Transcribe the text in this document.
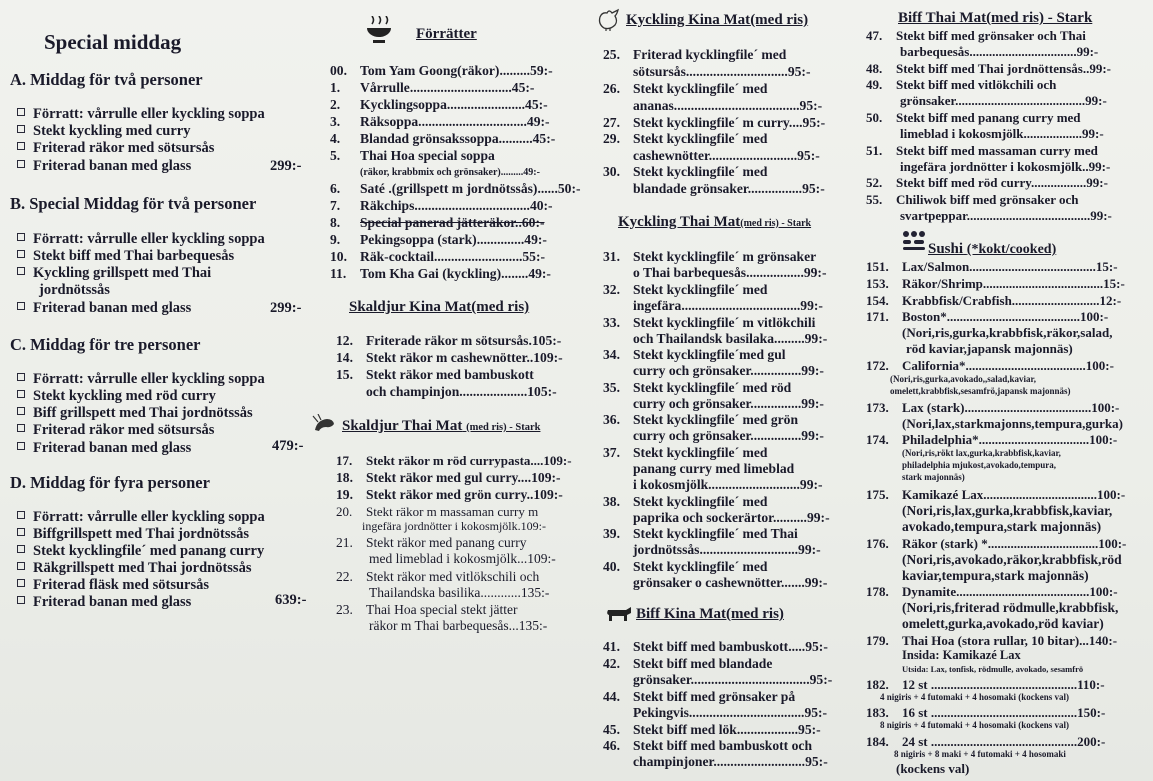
Special middag
A. Middag för två personer
Förratt: vårrulle eller kyckling soppa
Stekt kyckling med curry
Friterad räkor med sötsursås
Friterad banan med glass	299:-
B. Special Middag för två personer
Förratt: vårrulle eller kyckling soppa
Stekt biff med Thai barbequesås
Kyckling grillspett med Thai
jordnötssås
Friterad banan med glass	299:-
C. Middag för tre personer
Förratt: vårrulle eller kyckling soppa
Stekt kyckling med röd curry
Biff grillspett med Thai jordnötssås
Friterad räkor med sötsursås
Friterad banan med glass	479:-
D. Middag för fyra personer
Förratt: vårrulle eller kyckling soppa
Biffgrillspett med Thai jordnötssås
Stekt kycklingfile´ med panang curry
Räkgrillspett med Thai jordnötssås
Friterad fläsk med sötsursås
Friterad banan med glass	639:-
Förrätter
00. Tom Yam Goong(räkor).........59:-
1. Vårrulle..............................45:-
2. Kycklingsoppa.......................45:-
3. Räksoppa................................49:-
4. Blandad grönsakssoppa..........45:-
5. Thai Hoa special soppa
(räkor, krabbmix och grönsaker).........49:-
6. Saté .(grillspett m jordnötssås)......50:-
7. Räkchips..................................40:-
8. Special panerad jätteräkor..60:-
9. Pekingsoppa (stark)..............49:-
10. Räk-cocktail..........................55:-
11. Tom Kha Gai (kyckling)........49:-
Skaldjur Kina Mat(med ris)
12. Friterade räkor m sötsursås.105:-
14. Stekt räkor m cashewnötter..109:-
15. Stekt räkor med bambuskott
och champinjon....................105:-
Skaldjur Thai Mat (med ris) - Stark
17. Stekt räkor m röd currypasta....109:-
18. Stekt räkor med gul curry....109:-
19. Stekt räkor med grön curry..109:-
20. Stekt räkor m massaman curry m
ingefära jordnötter i kokosmjölk.109:-
21. Stekt räkor med panang curry
med limeblad i kokosmjölk...109:-
22. Stekt räkor med vitlökschili och
Thailandska basilika............135:-
23. Thai Hoa special stekt jätter
räkor m Thai barbequesås...135:-
Kyckling Kina Mat(med ris)
25. Friterad kycklingfile´ med
sötsursås..............................95:-
26. Stekt kycklingfile´ med
ananas.....................................95:-
27. Stekt kycklingfile´ m curry....95:-
29. Stekt kycklingfile´ med
cashewnötter..........................95:-
30. Stekt kycklingfile´ med
blandade grönsaker................95:-
Kyckling Thai Mat(med ris) - Stark
31. Stekt kycklingfile´ m grönsaker
o Thai barbequesås.................99:-
32. Stekt kycklingfile´ med
ingefära...................................99:-
33. Stekt kycklingfile´ m vitlökchili
och Thailandsk basilaka.........99:-
34. Stekt kycklingfile´med gul
curry och grönsaker...............99:-
35. Stekt kycklingfile´ med röd
curry och grönsaker...............99:-
36. Stekt kycklingfile´ med grön
curry och grönsaker...............99:-
37. Stekt kycklingfile´ med
panang curry med limeblad
i kokosmjölk...........................99:-
38. Stekt kycklingfile´ med
paprika och sockerärtor..........99:-
39. Stekt kycklingfile´ med Thai
jordnötssås.............................99:-
40. Stekt kycklingfile´ med
grönsaker o cashewnötter.......99:-
Biff Kina Mat(med ris)
41. Stekt biff med bambuskott.....95:-
42. Stekt biff med blandade
grönsaker...................................95:-
44. Stekt biff med grönsaker på
Pekingvis..................................95:-
45. Stekt biff med lök..................95:-
46. Stekt biff med bambuskott och
champinjoner...........................95:-
Biff Thai Mat(med ris) - Stark
47. Stekt biff med grönsaker och Thai
barbequesås.................................99:-
48. Stekt biff med Thai jordnöttensås..99:-
49. Stekt biff med vitlökchili och
grönsaker........................................99:-
50. Stekt biff med panang curry med
limeblad i kokosmjölk..................99:-
51. Stekt biff med massaman curry med
ingefära jordnötter i kokosmjölk..99:-
52. Stekt biff med röd curry.................99:-
55. Chiliwok biff med grönsaker och
svartpeppar......................................99:-
Sushi (*kokt/cooked)
151. Lax/Salmon.......................................15:-
153. Räkor/Shrimp.....................................15:-
154. Krabbfisk/Crabfish...........................12:-
171. Boston*.........................................100:-
(Nori,ris,gurka,krabbfisk,räkor,salad,
röd kaviar,japansk majonnäs)
172. California*.....................................100:-
(Nori,ris,gurka,avokado,,salad,kaviar,
omelett,krabbfisk,sesamfrö,japansk majonnäs)
173. Lax (stark).......................................100:-
(Nori,lax,starkmajonns,tempura,gurka)
174. Philadelphia*..................................100:-
(Nori,ris,rökt lax,gurka,krabbfisk,kaviar,
philadelphia mjukost,avokado,tempura,
stark majonnäs)
175. Kamikazé Lax...................................100:-
(Nori,ris,lax,gurka,krabbfisk,kaviar,
avokado,tempura,stark majonnäs)
176. Räkor (stark) *..................................100:-
(Nori,ris,avokado,räkor,krabbfisk,röd
kaviar,tempura,stark majonnäs)
178. Dynamite.........................................100:-
(Nori,ris,friterad rödmulle,krabbfisk,
omelett,gurka,avokado,röd kaviar)
179. Thai Hoa (stora rullar, 10 bitar)...140:-
Insida: Kamikazé Lax
Utsida: Lax, tonfisk, rödmulle, avokado, sesamfrö
182. 12 st .............................................110:-
4 nigiris + 4 futomaki + 4 hosomaki (kockens val)
183. 16 st .............................................150:-
8 nigiris + 4 futomaki + 4 hosomaki (kockens val)
184. 24 st .............................................200:-
8 nigiris + 8 maki + 4 futomaki + 4 hosomaki
(kockens val)
